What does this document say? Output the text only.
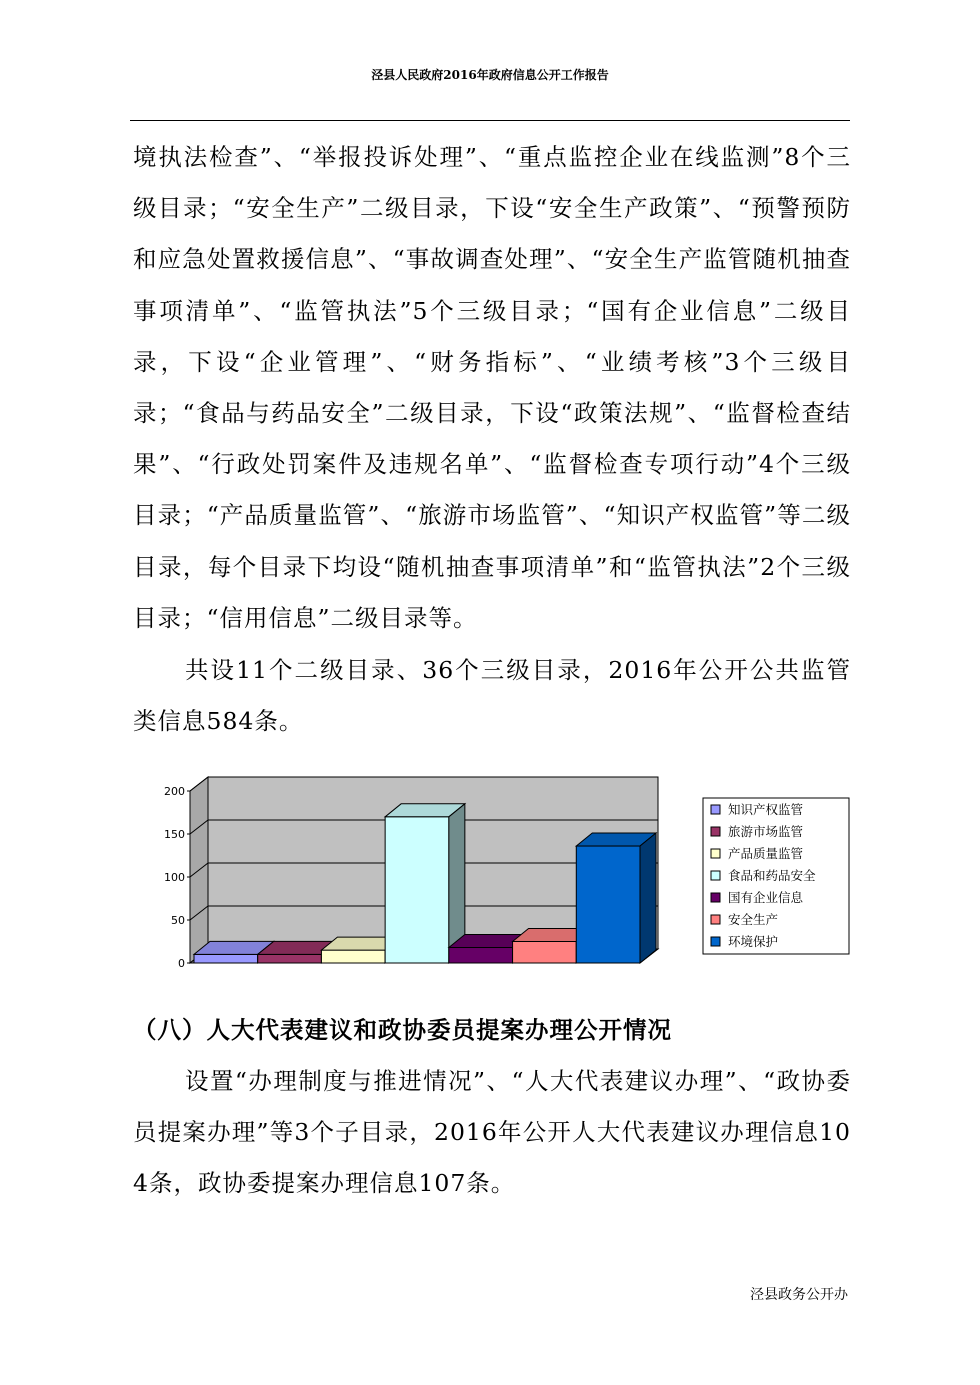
泾县人民政府2016年政府信息公开工作报告
境执法检查”、“举报投诉处理”、“重点监控企业在线监测”8个三级目录；“安全生产”二级目录，下设“安全生产政策”、“预警预防和应急处置救援信息”、“事故调查处理”、“安全生产监管随机抽查事项清单”、“监管执法”5个三级目录；“国有企业信息”二级目录，下设“企业管理”、“财务指标”、“业绩考核”3个三级目录；“食品与药品安全”二级目录，下设“政策法规”、“监督检查结果”、“行政处罚案件及违规名单”、“监督检查专项行动”4个三级目录；“产品质量监管”、“旅游市场监管”、“知识产权监管”等二级目录，每个目录下均设“随机抽查事项清单”和“监管执法”2个三级目录；“信用信息”二级目录等。
共设11个二级目录、36个三级目录，2016年公开公共监管类信息584条。
0
50
100
150
200
知识产权监管
旅游市场监管
产品质量监管
食品和药品安全
国有企业信息
安全生产
环境保护
（八）人大代表建议和政协委员提案办理公开情况
设置“办理制度与推进情况”、“人大代表建议办理”、“政协委员提案办理”等3个子目录，2016年公开人大代表建议办理信息104条，政协委提案办理信息107条。
泾县政务公开办
